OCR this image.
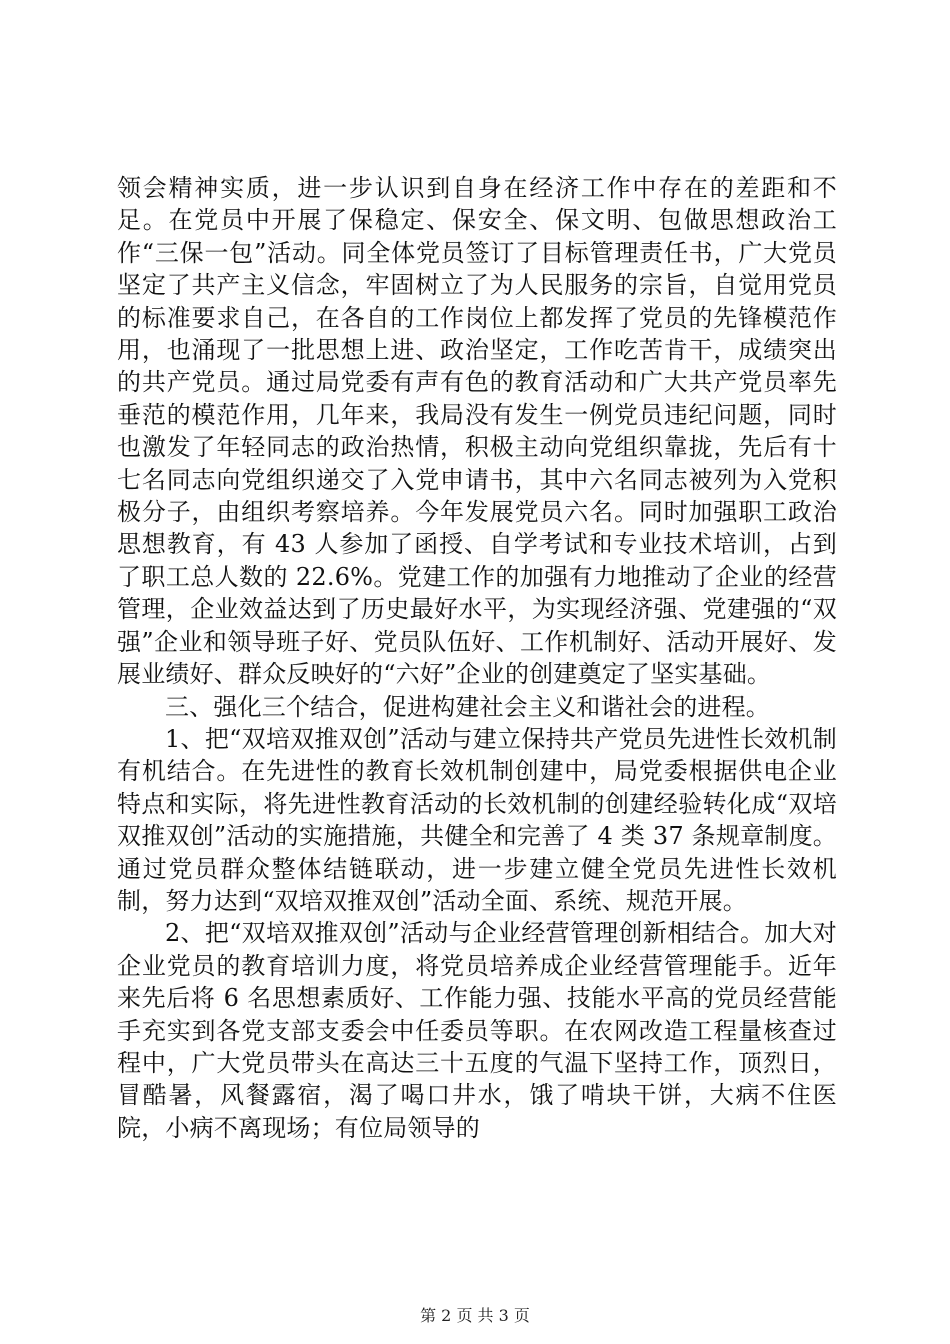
领会精神实质，进一步认识到自身在经济工作中存在的差距和不足。在党员中开展了保稳定、保安全、保文明、包做思想政治工作“三保一包”活动。同全体党员签订了目标管理责任书，广大党员坚定了共产主义信念，牢固树立了为人民服务的宗旨，自觉用党员的标准要求自己，在各自的工作岗位上都发挥了党员的先锋模范作用，也涌现了一批思想上进、政治坚定，工作吃苦肯干，成绩突出的共产党员。通过局党委有声有色的教育活动和广大共产党员率先垂范的模范作用，几年来，我局没有发生一例党员违纪问题，同时也激发了年轻同志的政治热情，积极主动向党组织靠拢，先后有十七名同志向党组织递交了入党申请书，其中六名同志被列为入党积极分子，由组织考察培养。今年发展党员六名。同时加强职工政治思想教育，有 43 人参加了函授、自学考试和专业技术培训，占到了职工总人数的 22.6%。党建工作的加强有力地推动了企业的经营管理，企业效益达到了历史最好水平，为实现经济强、党建强的“双强”企业和领导班子好、党员队伍好、工作机制好、活动开展好、发展业绩好、群众反映好的“六好”企业的创建奠定了坚实基础。

三、强化三个结合，促进构建社会主义和谐社会的进程。

1、把“双培双推双创”活动与建立保持共产党员先进性长效机制有机结合。在先进性的教育长效机制创建中，局党委根据供电企业特点和实际，将先进性教育活动的长效机制的创建经验转化成“双培双推双创”活动的实施措施，共健全和完善了 4 类 37 条规章制度。通过党员群众整体结链联动，进一步建立健全党员先进性长效机制，努力达到“双培双推双创”活动全面、系统、规范开展。

2、把“双培双推双创”活动与企业经营管理创新相结合。加大对企业党员的教育培训力度，将党员培养成企业经营管理能手。近年来先后将 6 名思想素质好、工作能力强、技能水平高的党员经营能手充实到各党支部支委会中任委员等职。在农网改造工程量核查过程中，广大党员带头在高达三十五度的气温下坚持工作，顶烈日，冒酷暑，风餐露宿，渴了喝口井水，饿了啃块干饼，大病不住医院，小病不离现场；有位局领导的

第 2 页 共 3 页
